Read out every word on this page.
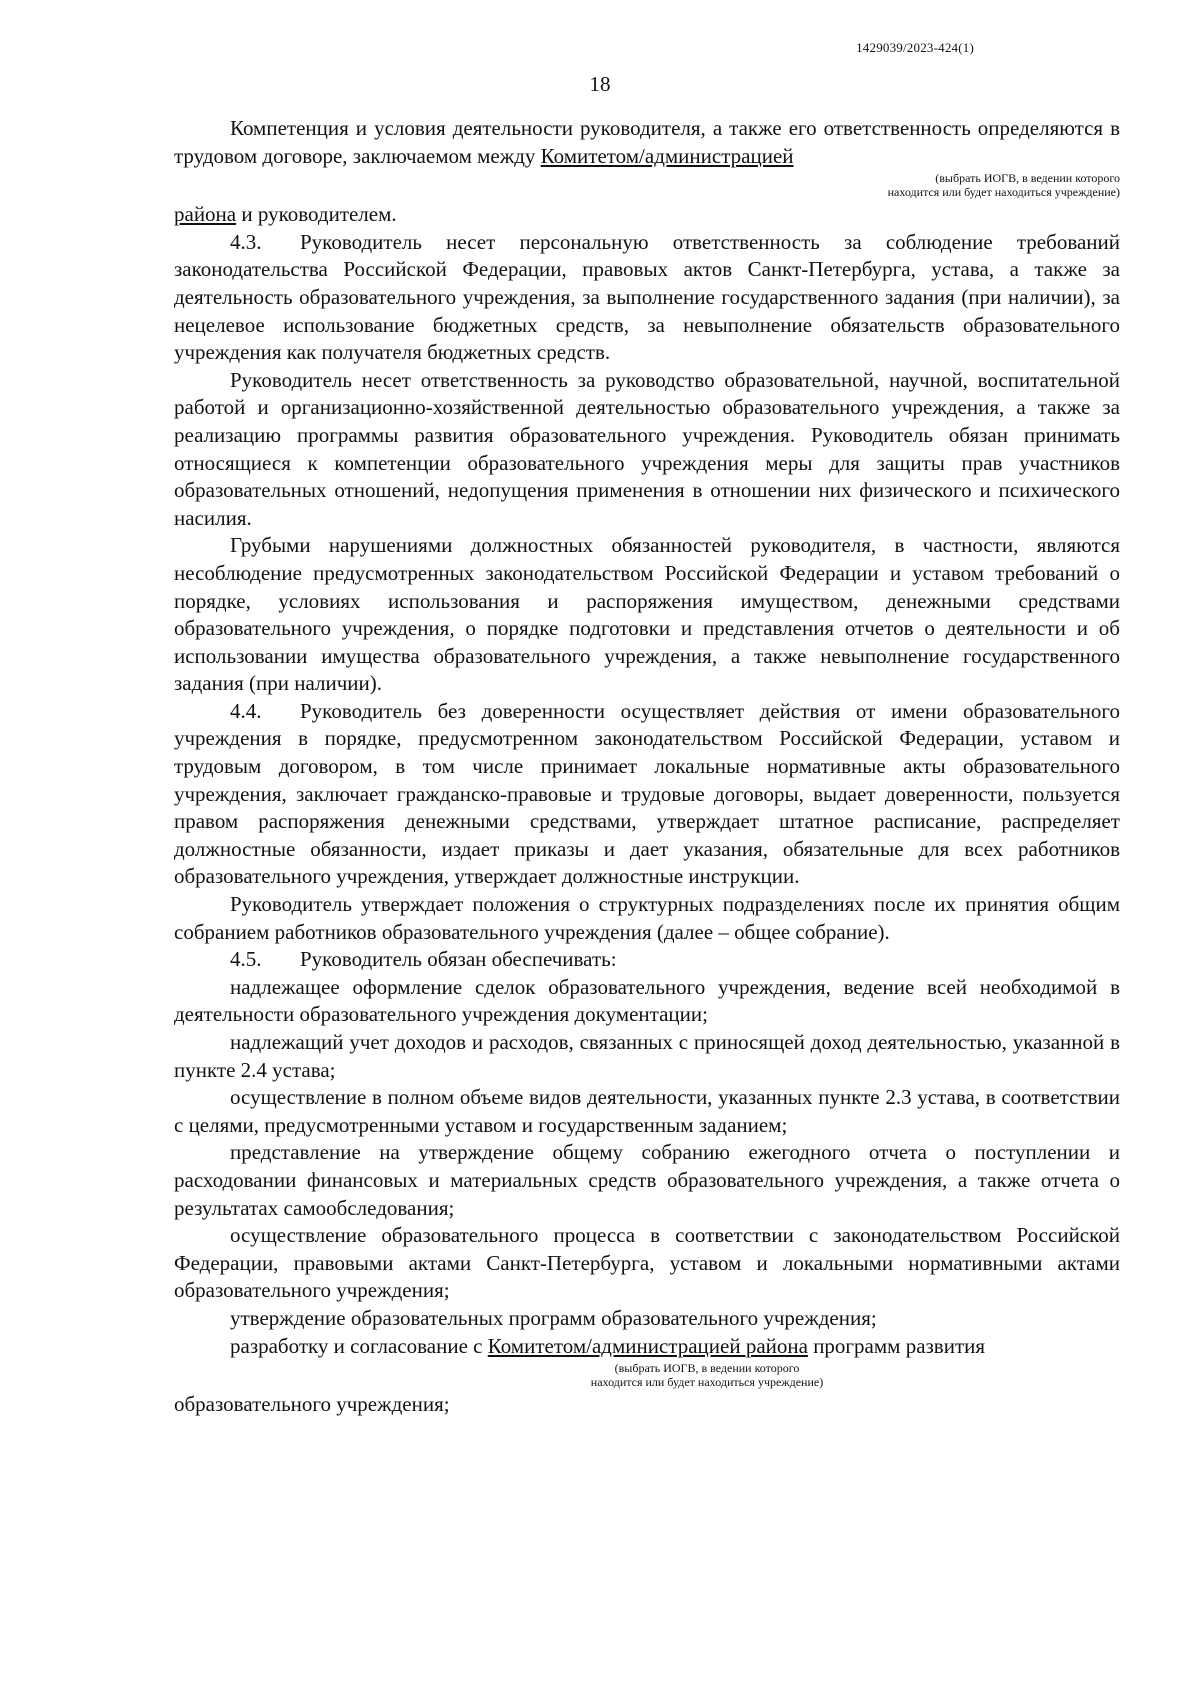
1429039/2023-424(1)
18

Компетенция и условия деятельности руководителя, а также его ответственность определяются в трудовом договоре, заключаемом между Комитетом/администрацией

(выбрать ИОГВ, в ведении которого
находится или будет находиться учреждение)

района и руководителем.

4.3. Руководитель несет персональную ответственность за соблюдение требований законодательства Российской Федерации, правовых актов Санкт-Петербурга, устава, а также за деятельность образовательного учреждения, за выполнение государственного задания (при наличии), за нецелевое использование бюджетных средств, за невыполнение обязательств образовательного учреждения как получателя бюджетных средств.

Руководитель несет ответственность за руководство образовательной, научной, воспитательной работой и организационно-хозяйственной деятельностью образовательного учреждения, а также за реализацию программы развития образовательного учреждения. Руководитель обязан принимать относящиеся к компетенции образовательного учреждения меры для защиты прав участников образовательных отношений, недопущения применения в отношении них физического и психического насилия.

Грубыми нарушениями должностных обязанностей руководителя, в частности, являются несоблюдение предусмотренных законодательством Российской Федерации и уставом требований о порядке, условиях использования и распоряжения имуществом, денежными средствами образовательного учреждения, о порядке подготовки и представления отчетов о деятельности и об использовании имущества образовательного учреждения, а также невыполнение государственного задания (при наличии).

4.4. Руководитель без доверенности осуществляет действия от имени образовательного учреждения в порядке, предусмотренном законодательством Российской Федерации, уставом и трудовым договором, в том числе принимает локальные нормативные акты образовательного учреждения, заключает гражданско-правовые и трудовые договоры, выдает доверенности, пользуется правом распоряжения денежными средствами, утверждает штатное расписание, распределяет должностные обязанности, издает приказы и дает указания, обязательные для всех работников образовательного учреждения, утверждает должностные инструкции.

Руководитель утверждает положения о структурных подразделениях после их принятия общим собранием работников образовательного учреждения (далее – общее собрание).

4.5. Руководитель обязан обеспечивать:

надлежащее оформление сделок образовательного учреждения, ведение всей необходимой в деятельности образовательного учреждения документации;

надлежащий учет доходов и расходов, связанных с приносящей доход деятельностью, указанной в пункте 2.4 устава;

осуществление в полном объеме видов деятельности, указанных пункте 2.3 устава, в соответствии с целями, предусмотренными уставом и государственным заданием;

представление на утверждение общему собранию ежегодного отчета о поступлении и расходовании финансовых и материальных средств образовательного учреждения, а также отчета о результатах самообследования;

осуществление образовательного процесса в соответствии с законодательством Российской Федерации, правовыми актами Санкт-Петербурга, уставом и локальными нормативными актами образовательного учреждения;

утверждение образовательных программ образовательного учреждения;

разработку и согласование с Комитетом/администрацией района программ развития

(выбрать ИОГВ, в ведении которого
находится или будет находиться учреждение)

образовательного учреждения;
